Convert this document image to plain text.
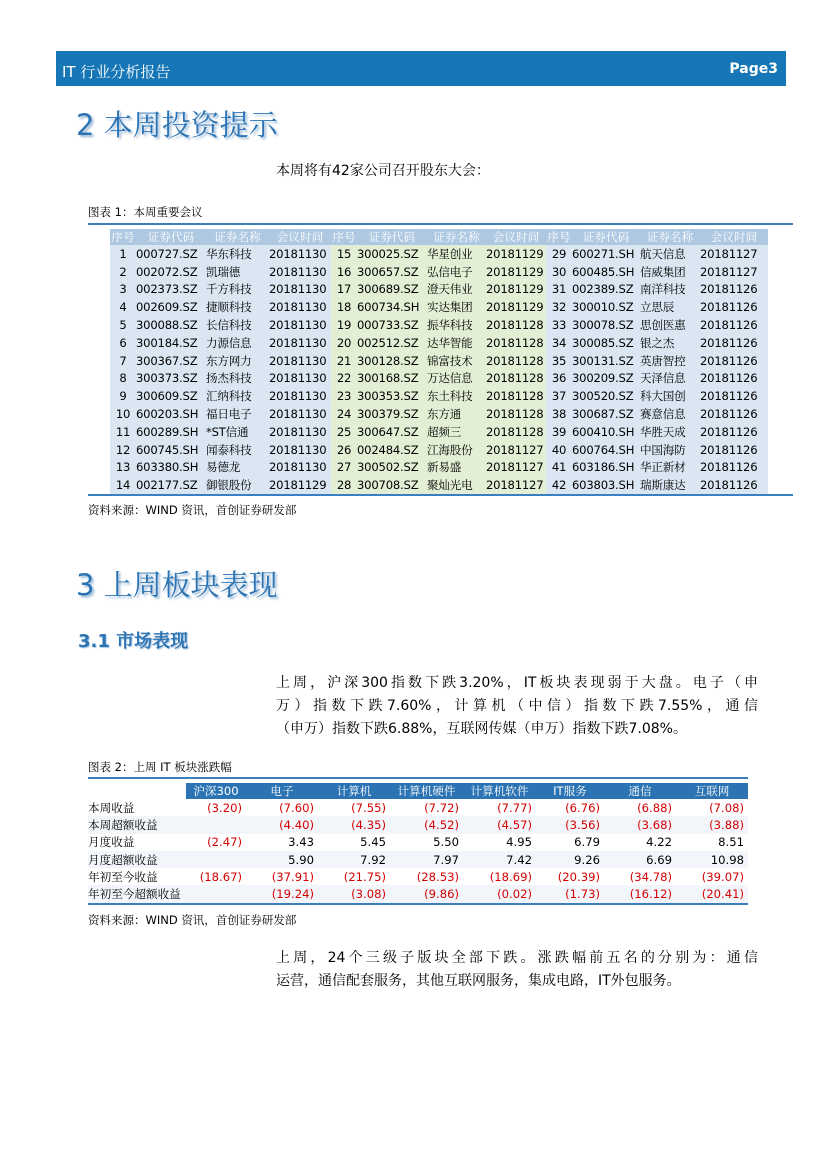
IT 行业分析报告	Page3
2 本周投资提示
本周将有42家公司召开股东大会：
图表 1：本周重要会议
序号	证券代码	证券名称	会议时间	序号	证券代码	证券名称	会议时间	序号	证券代码	证券名称	会议时间
1	000727.SZ	华东科技	20181130	15	300025.SZ	华星创业	20181129	29	600271.SH	航天信息	20181127
2	002072.SZ	凯瑞德	20181130	16	300657.SZ	弘信电子	20181129	30	600485.SH	信威集团	20181127
3	002373.SZ	千方科技	20181130	17	300689.SZ	澄天伟业	20181129	31	002389.SZ	南洋科技	20181126
4	002609.SZ	捷顺科技	20181130	18	600734.SH	实达集团	20181129	32	300010.SZ	立思辰	20181126
5	300088.SZ	长信科技	20181130	19	000733.SZ	振华科技	20181128	33	300078.SZ	思创医惠	20181126
6	300184.SZ	力源信息	20181130	20	002512.SZ	达华智能	20181128	34	300085.SZ	银之杰	20181126
7	300367.SZ	东方网力	20181130	21	300128.SZ	锦富技术	20181128	35	300131.SZ	英唐智控	20181126
8	300373.SZ	扬杰科技	20181130	22	300168.SZ	万达信息	20181128	36	300209.SZ	天泽信息	20181126
9	300609.SZ	汇纳科技	20181130	23	300353.SZ	东土科技	20181128	37	300520.SZ	科大国创	20181126
10	600203.SH	福日电子	20181130	24	300379.SZ	东方通	20181128	38	300687.SZ	赛意信息	20181126
11	600289.SH	*ST信通	20181130	25	300647.SZ	超频三	20181128	39	600410.SH	华胜天成	20181126
12	600745.SH	闻泰科技	20181130	26	002484.SZ	江海股份	20181127	40	600764.SH	中国海防	20181126
13	603380.SH	易德龙	20181130	27	300502.SZ	新易盛	20181127	41	603186.SH	华正新材	20181126
14	002177.SZ	御银股份	20181129	28	300708.SZ	聚灿光电	20181127	42	603803.SH	瑞斯康达	20181126
资料来源：WIND 资讯，首创证券研发部
3 上周板块表现
3.1 市场表现
上周，沪深300指数下跌3.20%，IT板块表现弱于大盘。电子（申
万）指数下跌7.60%，计算机（中信）指数下跌7.55%，通信
（申万）指数下跌6.88%，互联网传媒（申万）指数下跌7.08%。
图表 2：上周 IT 板块涨跌幅
	沪深300	电子	计算机	计算机硬件	计算机软件	IT服务	通信	互联网
本周收益	(3.20)	(7.60)	(7.55)	(7.72)	(7.77)	(6.76)	(6.88)	(7.08)
本周超额收益		(4.40)	(4.35)	(4.52)	(4.57)	(3.56)	(3.68)	(3.88)
月度收益	(2.47)	3.43	5.45	5.50	4.95	6.79	4.22	8.51
月度超额收益		5.90	7.92	7.97	7.42	9.26	6.69	10.98
年初至今收益	(18.67)	(37.91)	(21.75)	(28.53)	(18.69)	(20.39)	(34.78)	(39.07)
年初至今超额收益		(19.24)	(3.08)	(9.86)	(0.02)	(1.73)	(16.12)	(20.41)
资料来源：WIND 资讯，首创证券研发部
上周，24个三级子版块全部下跌。涨跌幅前五名的分别为：通信
运营，通信配套服务，其他互联网服务，集成电路，IT外包服务。
